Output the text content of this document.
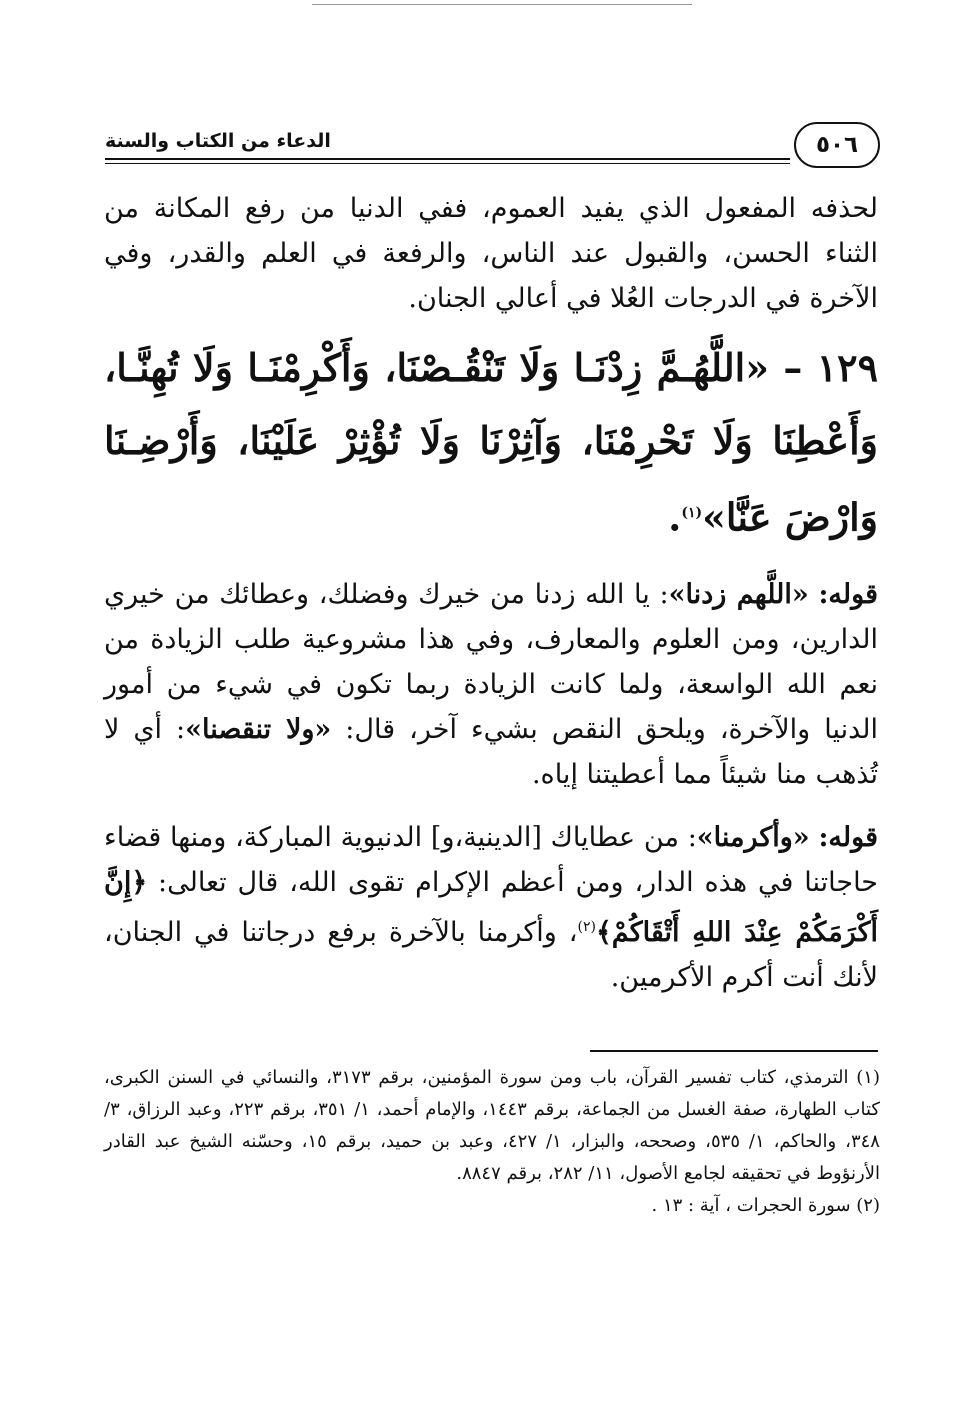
٥٠٦
الدعاء من الكتاب والسنة

لحذفه المفعول الذي يفيد العموم، ففي الدنيا من رفع المكانة من الثناء الحسن، والقبول عند الناس، والرفعة في العلم والقدر، وفي الآخرة في الدرجات العُلا في أعالي الجنان.

١٢٩ – «اللَّهُـمَّ زِدْنَـا وَلَا تَنْقُـصْنَا، وَأَكْرِمْنَـا وَلَا تُهِنَّـا، وَأَعْطِنَا وَلَا تَحْرِمْنَا، وَآثِرْنَا وَلَا تُؤْثِرْ عَلَيْنَا، وَأَرْضِـنَا وَارْضَ عَنَّا»$^{(١)}$.

قوله: «اللَّهم زدنا»: يا الله زدنا من خيرك وفضلك، وعطائك من خيري الدارين، ومن العلوم والمعارف، وفي هذا مشروعية طلب الزيادة من نعم الله الواسعة، ولما كانت الزيادة ربما تكون في شيء من أمور الدنيا والآخرة، ويلحق النقص بشيء آخر، قال: «ولا تنقصنا»: أي لا تُذهب منا شيئاً مما أعطيتنا إياه.

قوله: «وأكرمنا»: من عطاياك [الدينية،و] الدنيوية المباركة، ومنها قضاء حاجاتنا في هذه الدار، ومن أعظم الإكرام تقوى الله، قال تعالى: ﴿إِنَّ أَكْرَمَكُمْ عِنْدَ اللهِ أَتْقَاكُمْ﴾$^{(٢)}$، وأكرمنا بالآخرة برفع درجاتنا في الجنان، لأنك أنت أكرم الأكرمين.

(١) الترمذي، كتاب تفسير القرآن، باب ومن سورة المؤمنين، برقم ٣١٧٣، والنسائي في السنن الكبرى، كتاب الطهارة، صفة الغسل من الجماعة، برقم ١٤٤٣، والإمام أحمد، ١/ ٣٥١، برقم ٢٢٣، وعبد الرزاق، ٣/ ٣٤٨، والحاكم، ١/ ٥٣٥، وصححه، والبزار، ١/ ٤٢٧، وعبد بن حميد، برقم ١٥، وحسّنه الشيخ عبد القادر الأرنؤوط في تحقيقه لجامع الأصول، ١١/ ٢٨٢، برقم ٨٨٤٧.

(٢) سورة الحجرات ، آية : ١٣ .
